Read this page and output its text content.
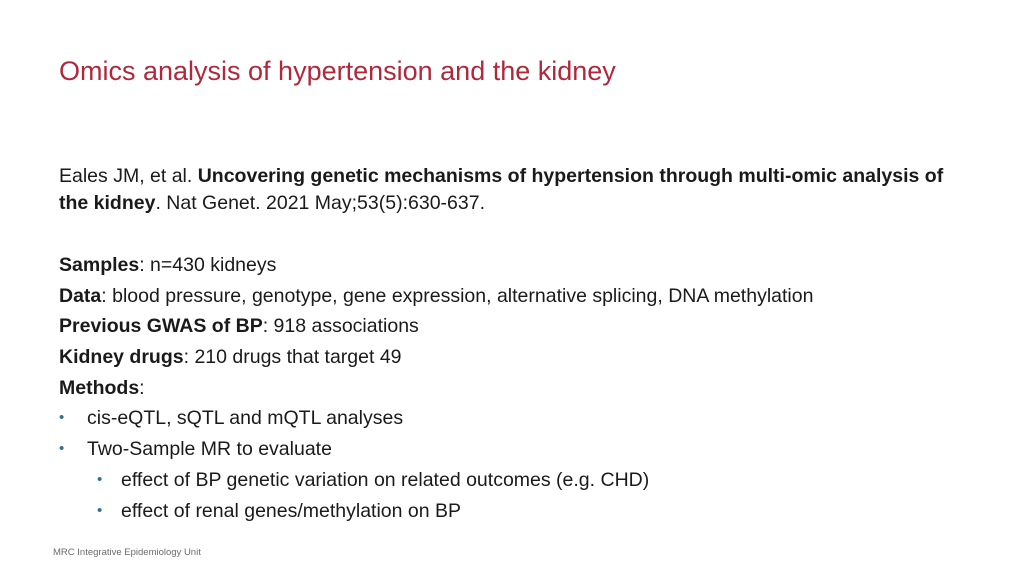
Omics analysis of hypertension and the kidney
Eales JM, et al. Uncovering genetic mechanisms of hypertension through multi-omic analysis of the kidney. Nat Genet. 2021 May;53(5):630-637.
Samples: n=430 kidneys
Data: blood pressure, genotype, gene expression, alternative splicing, DNA methylation
Previous GWAS of BP: 918 associations
Kidney drugs: 210 drugs that target 49
Methods:
• cis-eQTL, sQTL and mQTL analyses
• Two-Sample MR to evaluate
• effect of BP genetic variation on related outcomes (e.g. CHD)
• effect of renal genes/methylation on BP
MRC Integrative Epidemiology Unit
